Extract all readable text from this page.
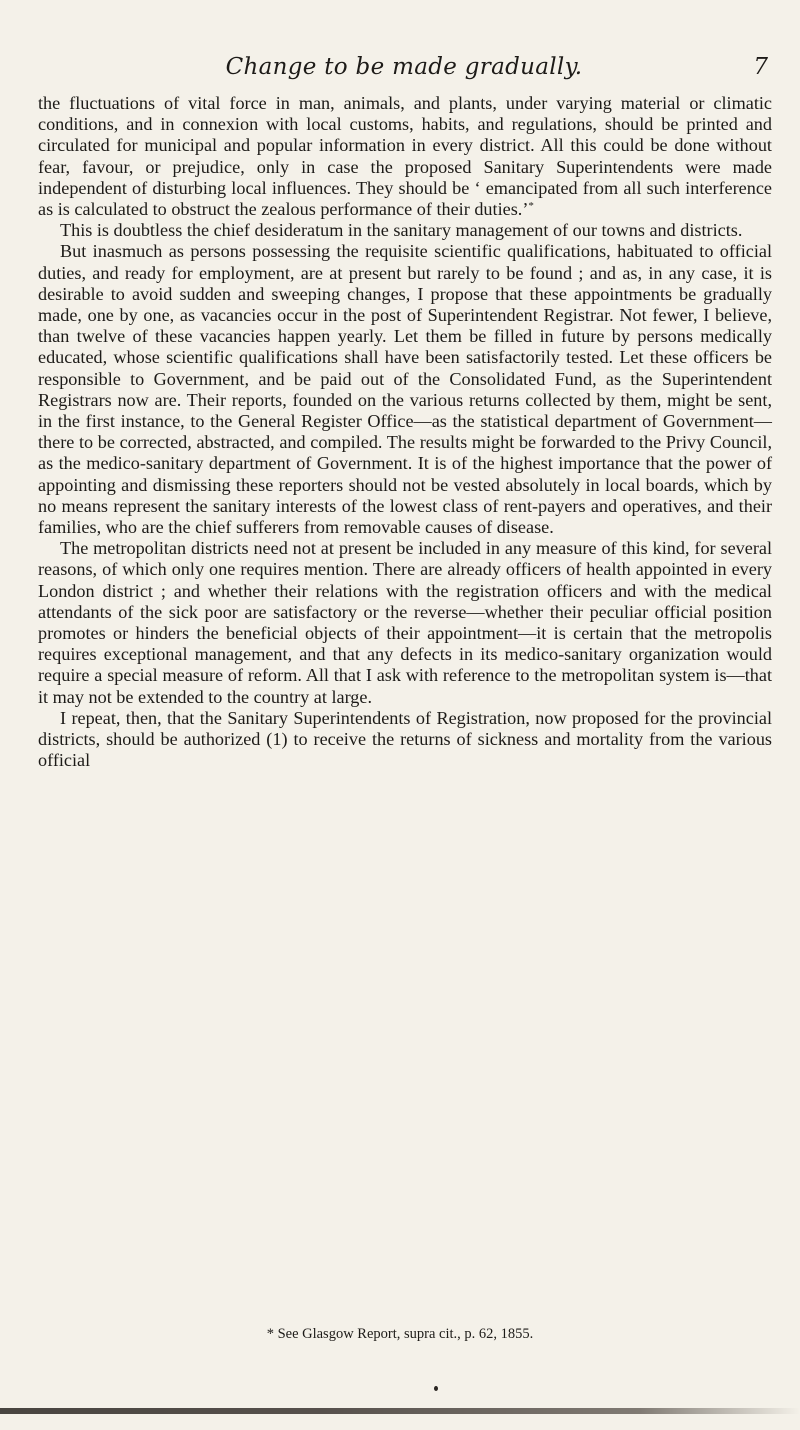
Change to be made gradually.	7

the fluctuations of vital force in man, animals, and plants, under varying material or climatic conditions, and in connexion with local customs, habits, and regulations, should be printed and circulated for municipal and popular information in every district. All this could be done without fear, favour, or prejudice, only in case the proposed Sanitary Superintendents were made independent of disturbing local influences. They should be ‘ emancipated from all such interference as is calculated to obstruct the zealous performance of their duties.’*

This is doubtless the chief desideratum in the sanitary management of our towns and districts.

But inasmuch as persons possessing the requisite scientific qualifications, habituated to official duties, and ready for employment, are at present but rarely to be found ; and as, in any case, it is desirable to avoid sudden and sweeping changes, I propose that these appointments be gradually made, one by one, as vacancies occur in the post of Superintendent Registrar. Not fewer, I believe, than twelve of these vacancies happen yearly. Let them be filled in future by persons medically educated, whose scientific qualifications shall have been satisfactorily tested. Let these officers be responsible to Government, and be paid out of the Consolidated Fund, as the Superintendent Registrars now are. Their reports, founded on the various returns collected by them, might be sent, in the first instance, to the General Register Office—as the statistical department of Government—there to be corrected, abstracted, and compiled. The results might be forwarded to the Privy Council, as the medico-sanitary department of Government. It is of the highest importance that the power of appointing and dismissing these reporters should not be vested absolutely in local boards, which by no means represent the sanitary interests of the lowest class of rent-payers and operatives, and their families, who are the chief sufferers from removable causes of disease.

The metropolitan districts need not at present be included in any measure of this kind, for several reasons, of which only one requires mention. There are already officers of health appointed in every London district ; and whether their relations with the registration officers and with the medical attendants of the sick poor are satisfactory or the reverse—whether their peculiar official position promotes or hinders the beneficial objects of their appointment—it is certain that the metropolis requires exceptional management, and that any defects in its medico-sanitary organization would require a special measure of reform. All that I ask with reference to the metropolitan system is—that it may not be extended to the country at large.

I repeat, then, that the Sanitary Superintendents of Registration, now proposed for the provincial districts, should be authorized (1) to receive the returns of sickness and mortality from the various official

* See Glasgow Report, supra cit., p. 62, 1855.
